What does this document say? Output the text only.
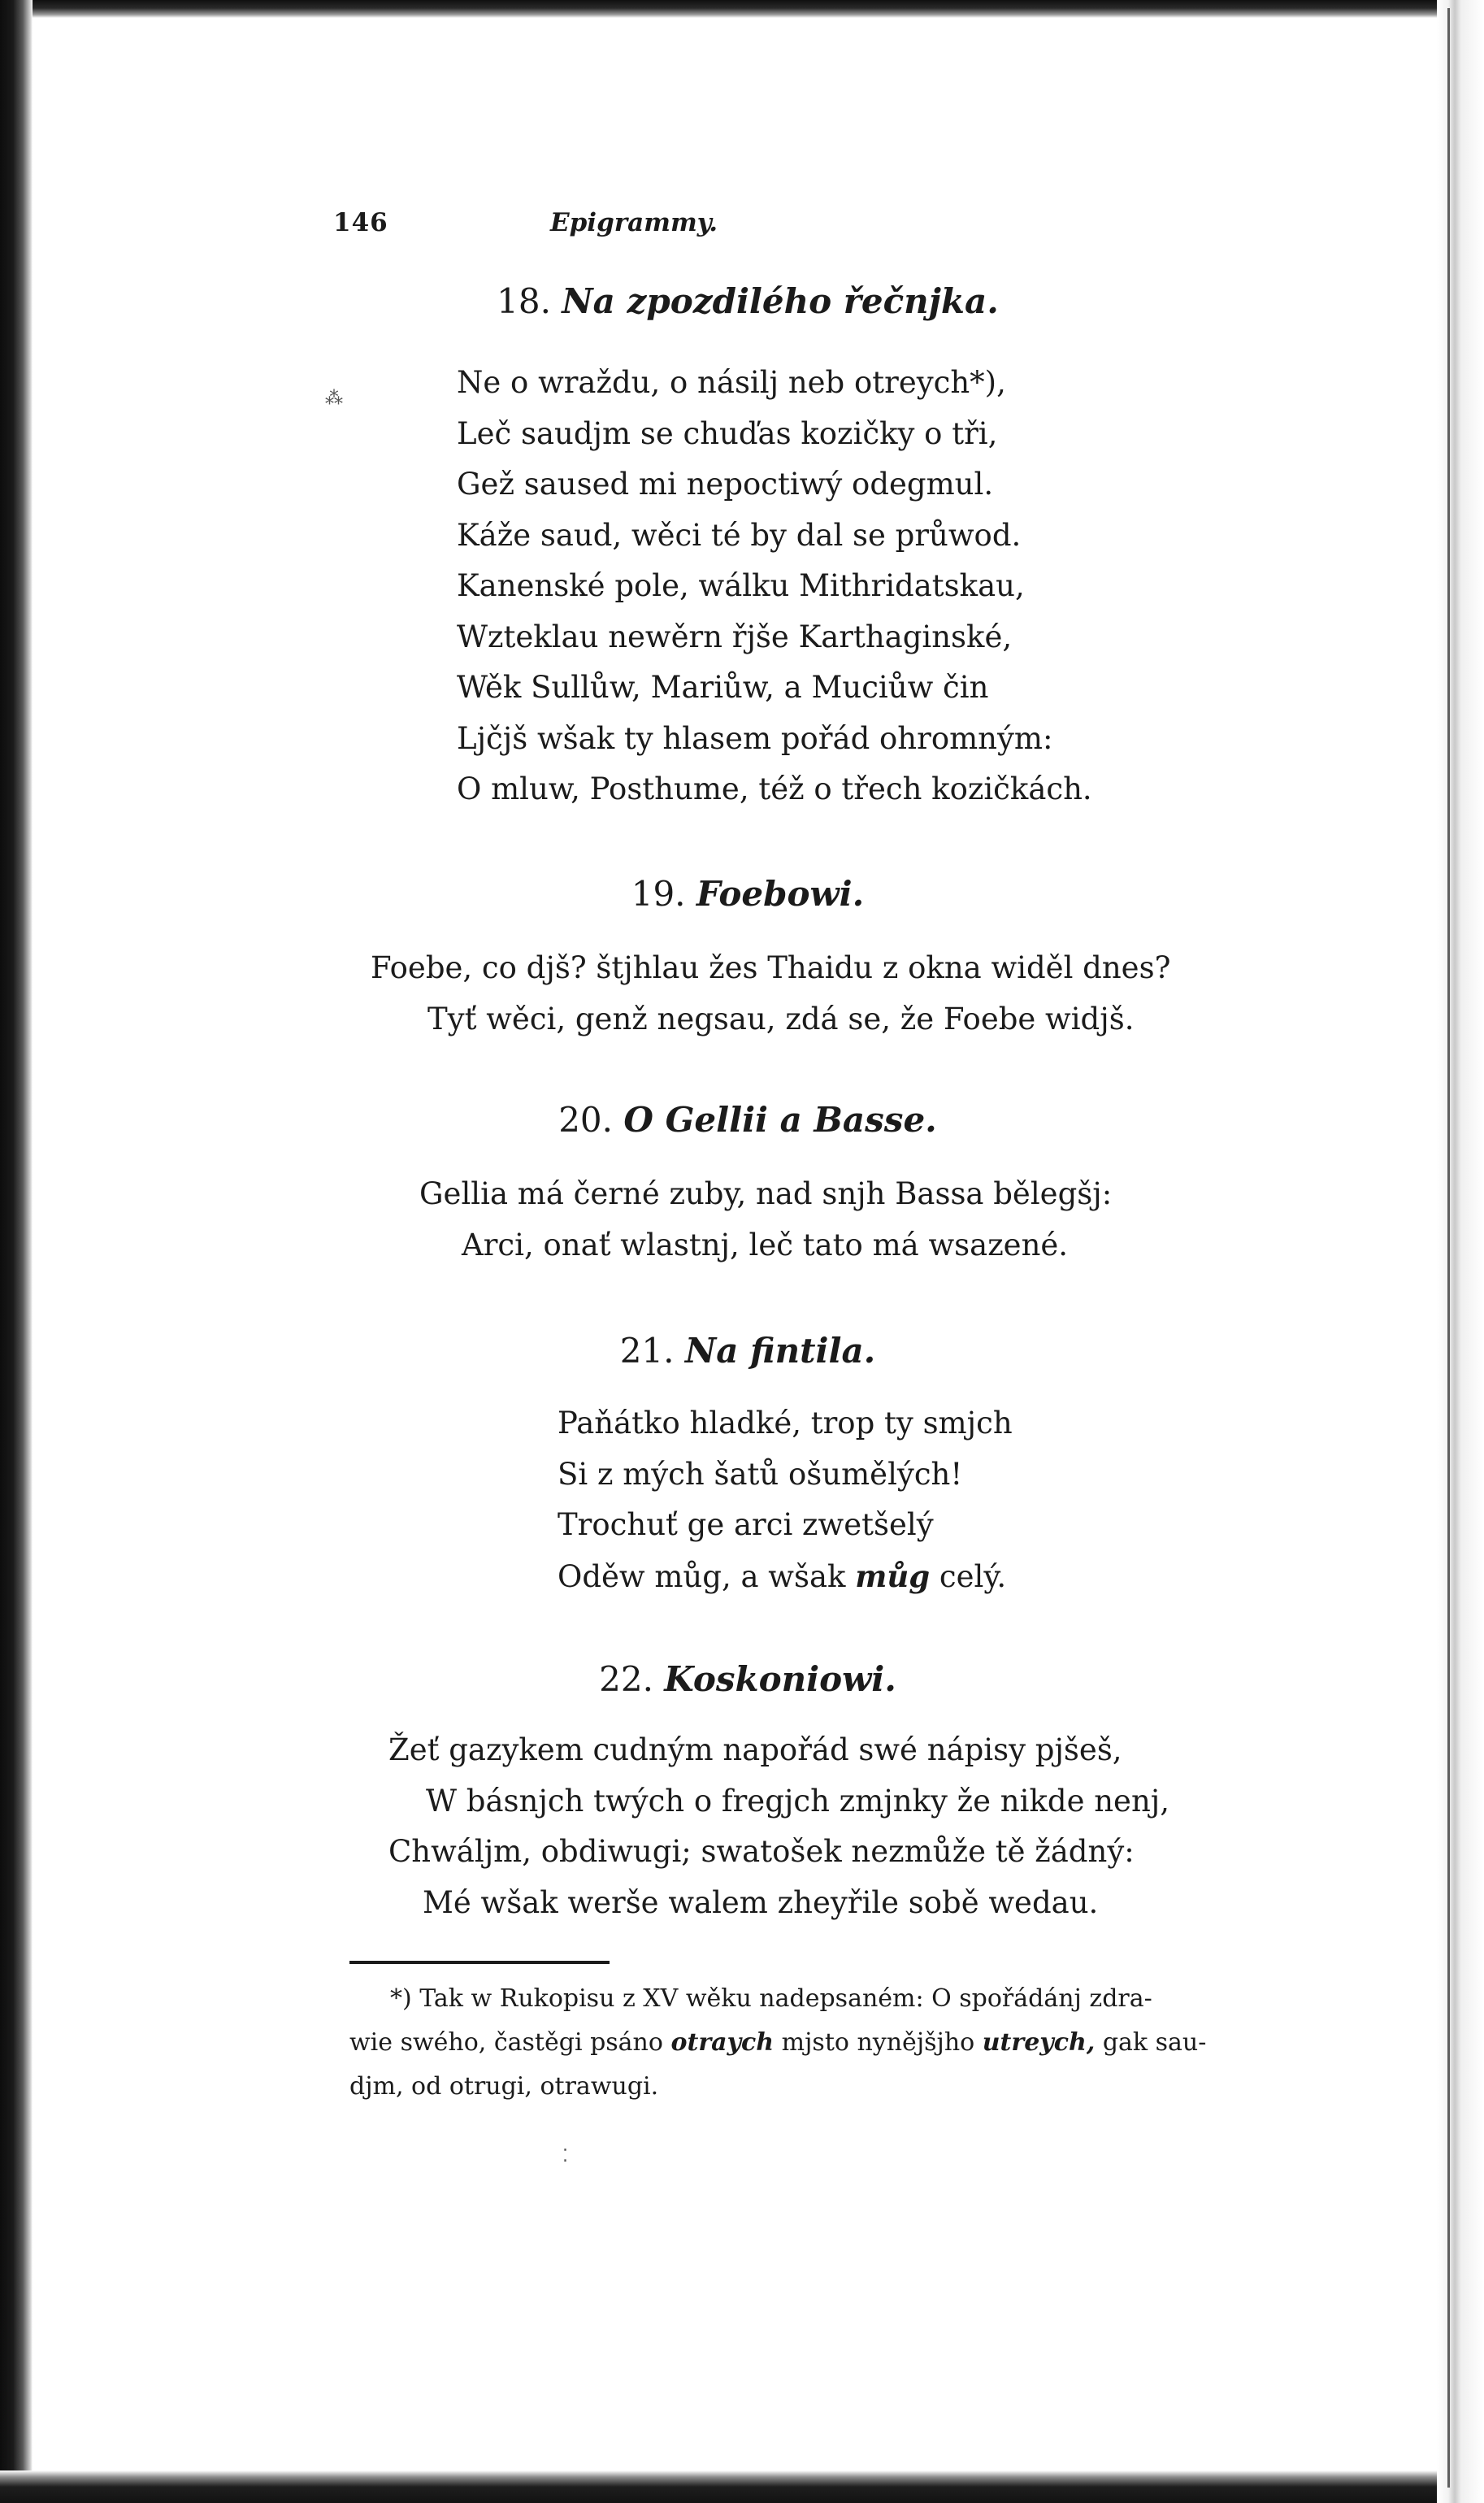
146	Epigrammy.
18. Na zpozdilého řečnjka.
Ne o wraždu, o násilj neb otreych*),
Leč saudjm se chuďas kozičky o tři,
Gež saused mi nepoctiwý odegmul.
Káže saud, wěci té by dal se průwod.
Kanenské pole, wálku Mithridatskau,
Wzteklau newěrn řjše Karthaginské,
Wěk Sullůw, Mariůw, a Muciůw čin
Ljčjš wšak ty hlasem pořád ohromným:
O mluw, Posthume, též o třech kozičkách.
19. Foebowi.
Foebe, co djš? štjhlau žes Thaidu z okna widěl dnes?
Tyť wěci, genž negsau, zdá se, že Foebe widjš.
20. O Gellii a Basse.
Gellia má černé zuby, nad snjh Bassa bělegšj:
Arci, onať wlastnj, leč tato má wsazené.
21. Na fintila.
Paňátko hladké, trop ty smjch
Si z mých šatů ošumělých!
Trochuť ge arci zwetšelý
Oděw můg, a wšak můg celý.
22. Koskoniowi.
Žeť gazykem cudným napořád swé nápisy pjšeš,
W básnjch twých o fregjch zmjnky že nikde nenj,
Chwáljm, obdiwugi; swatošek nezmůže tě žádný:
Mé wšak werše walem zheyřile sobě wedau.
*) Tak w Rukopisu z XV wěku nadepsaném: O spořádánj zdra-
wie swého, častěgi psáno otraych mjsto nynějšjho utreych, gak sau-
djm, od otrugi, otrawugi.
⁂
⁚
